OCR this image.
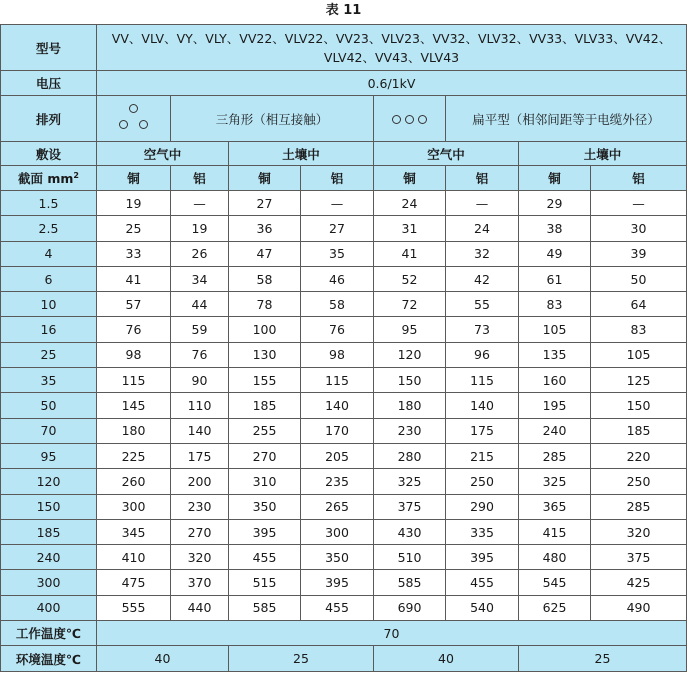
表 11
型号	VV、VLV、VY、VLY、VV22、VLV22、VV23、VLV23、VV32、VLV32、VV33、VLV33、VV42、VLV42、VV43、VLV43							
电压	0.6/1kV							
排列		三角形（相互接触）				扁平型（相邻间距等于电缆外径）		
敷设	空气中		土壤中		空气中		土壤中	
截面 $mm^2$	铜	铝	铜	铝	铜	铝	铜	铝
1.5	19	—	27	—	24	—	29	—
2.5	25	19	36	27	31	24	38	30
4	33	26	47	35	41	32	49	39
6	41	34	58	46	52	42	61	50
10	57	44	78	58	72	55	83	64
16	76	59	100	76	95	73	105	83
25	98	76	130	98	120	96	135	105
35	115	90	155	115	150	115	160	125
50	145	110	185	140	180	140	195	150
70	180	140	255	170	230	175	240	185
95	225	175	270	205	280	215	285	220
120	260	200	310	235	325	250	325	250
150	300	230	350	265	375	290	365	285
185	345	270	395	300	430	335	415	320
240	410	320	455	350	510	395	480	375
300	475	370	515	395	585	455	545	425
400	555	440	585	455	690	540	625	490
工作温度℃	70							
环境温度℃	40		25		40		25	
